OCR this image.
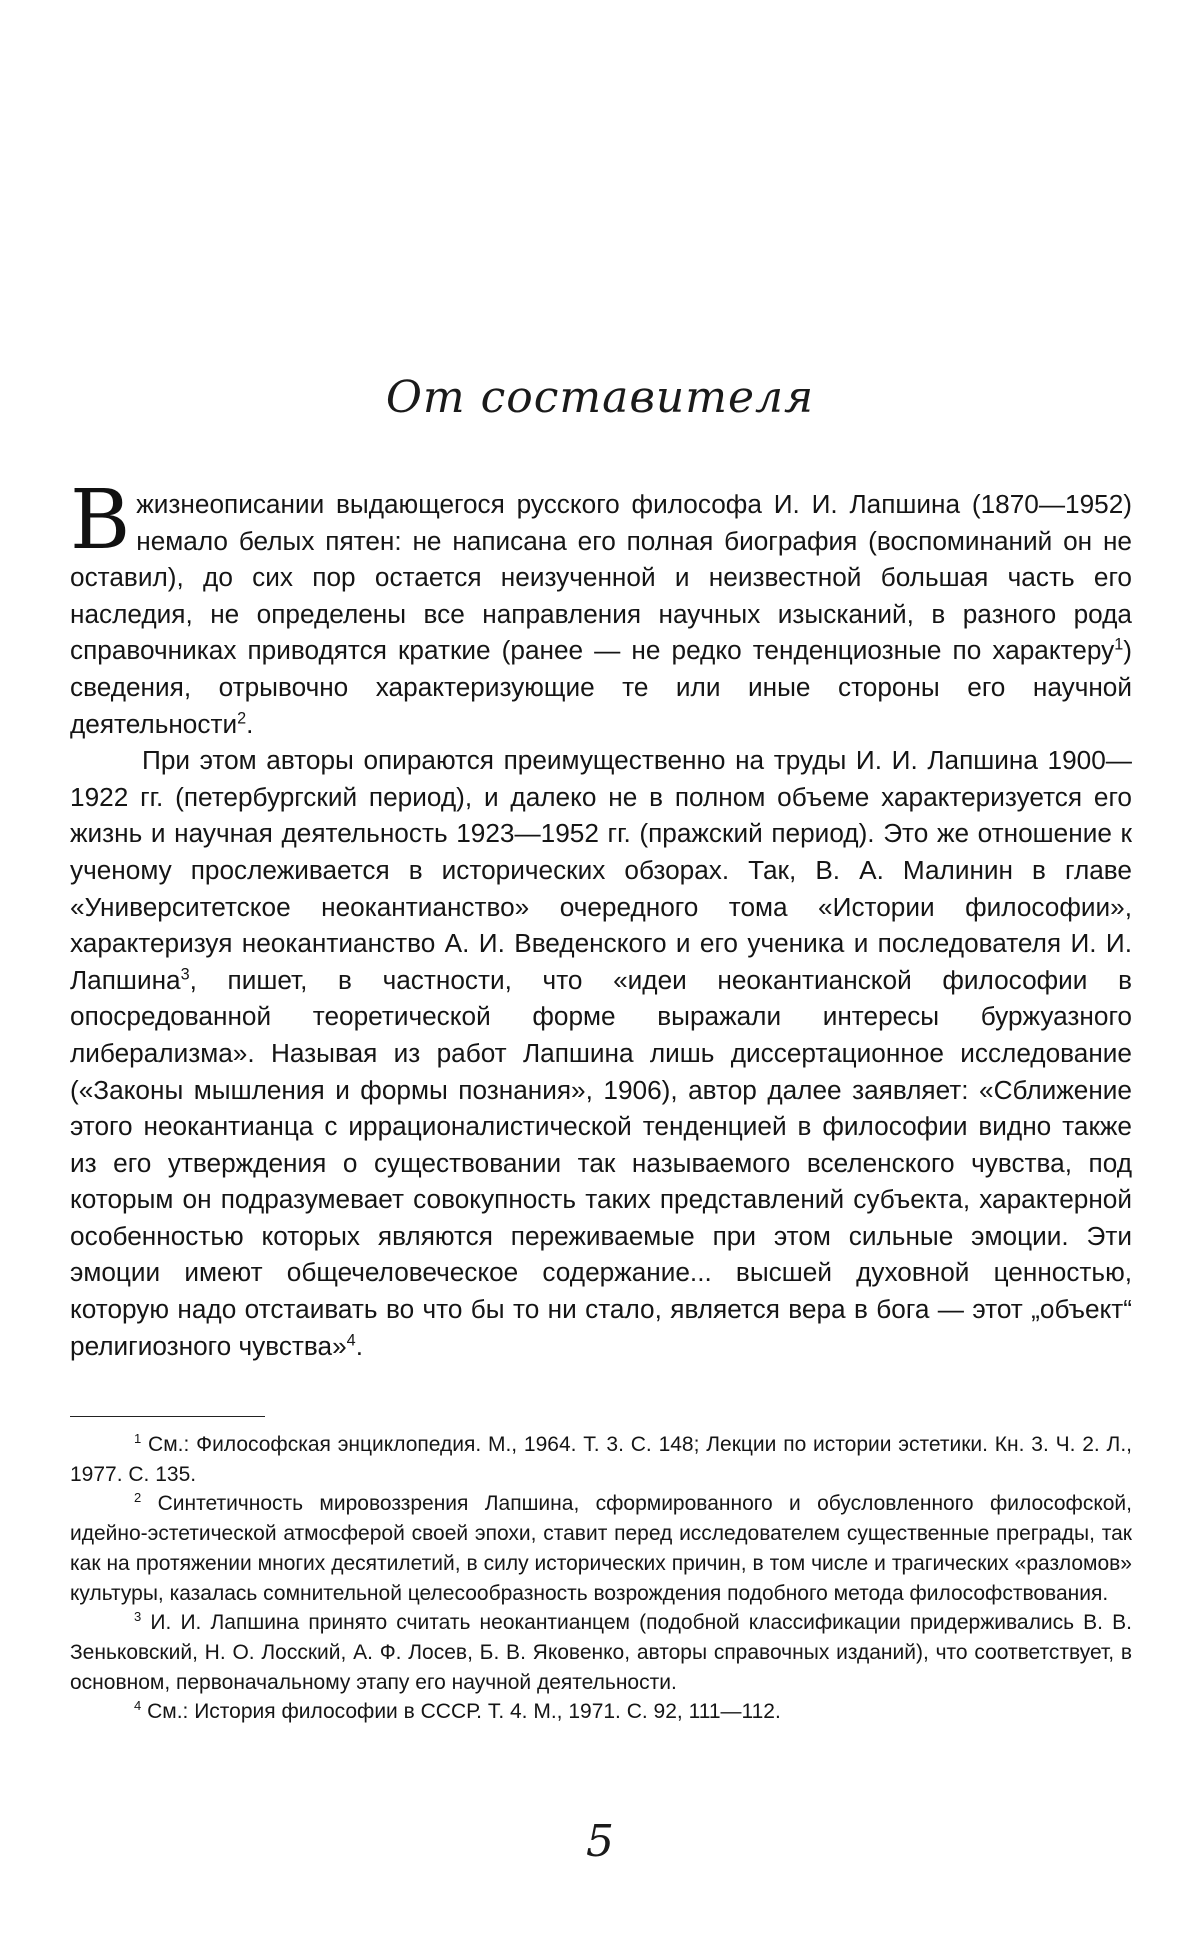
От составителя

Вжизнеописании выдающегося русского философа И. И. Лапшина (1870—1952) немало белых пятен: не написана его полная биография (воспоминаний он не оставил), до сих пор остается неизученной и неизвестной большая часть его наследия, не определены все направления научных изысканий, в разного рода справочниках приводятся краткие (ранее — не редко тенденциозные по характеру$^1$) сведения, отрывочно характеризующие те или иные стороны его научной деятельности$^2$.

При этом авторы опираются преимущественно на труды И. И. Лапшина 1900—1922 гг. (петербургский период), и далеко не в полном объеме характеризуется его жизнь и научная деятельность 1923—1952 гг. (пражский период). Это же отношение к ученому прослеживается в исторических обзорах. Так, В. А. Малинин в главе «Университетское неокантианство» очередного тома «Истории философии», характеризуя неокантианство А. И. Введенского и его ученика и последователя И. И. Лапшина$^3$, пишет, в частности, что «идеи неокантианской философии в опосредованной теоретической форме выражали интересы буржуазного либерализма». Называя из работ Лапшина лишь диссертационное исследование («Законы мышления и формы познания», 1906), автор далее заявляет: «Сближение этого неокантианца с иррационалистической тенденцией в философии видно также из его утверждения о существовании так называемого вселенского чувства, под которым он подразумевает совокупность таких представлений субъекта, характерной особенностью которых являются переживаемые при этом сильные эмоции. Эти эмоции имеют общечеловеческое содержание... высшей духовной ценностью, которую надо отстаивать во что бы то ни стало, является вера в бога — этот „объект“ религиозного чувства»$^4$.

$^1$ См.: Философская энциклопедия. М., 1964. Т. 3. С. 148; Лекции по истории эстетики. Кн. 3. Ч. 2. Л., 1977. С. 135.

$^2$ Синтетичность мировоззрения Лапшина, сформированного и обусловленного философской, идейно-эстетической атмосферой своей эпохи, ставит перед исследователем существенные преграды, так как на протяжении многих десятилетий, в силу исторических причин, в том числе и трагических «разломов» культуры, казалась сомнительной целесообразность возрождения подобного метода философствования.

$^3$ И. И. Лапшина принято считать неокантианцем (подобной классификации придерживались В. В. Зеньковский, Н. О. Лосский, А. Ф. Лосев, Б. В. Яковенко, авторы справочных изданий), что соответствует, в основном, первоначальному этапу его научной деятельности.

$^4$ См.: История философии в СССР. Т. 4. М., 1971. С. 92, 111—112.

5
